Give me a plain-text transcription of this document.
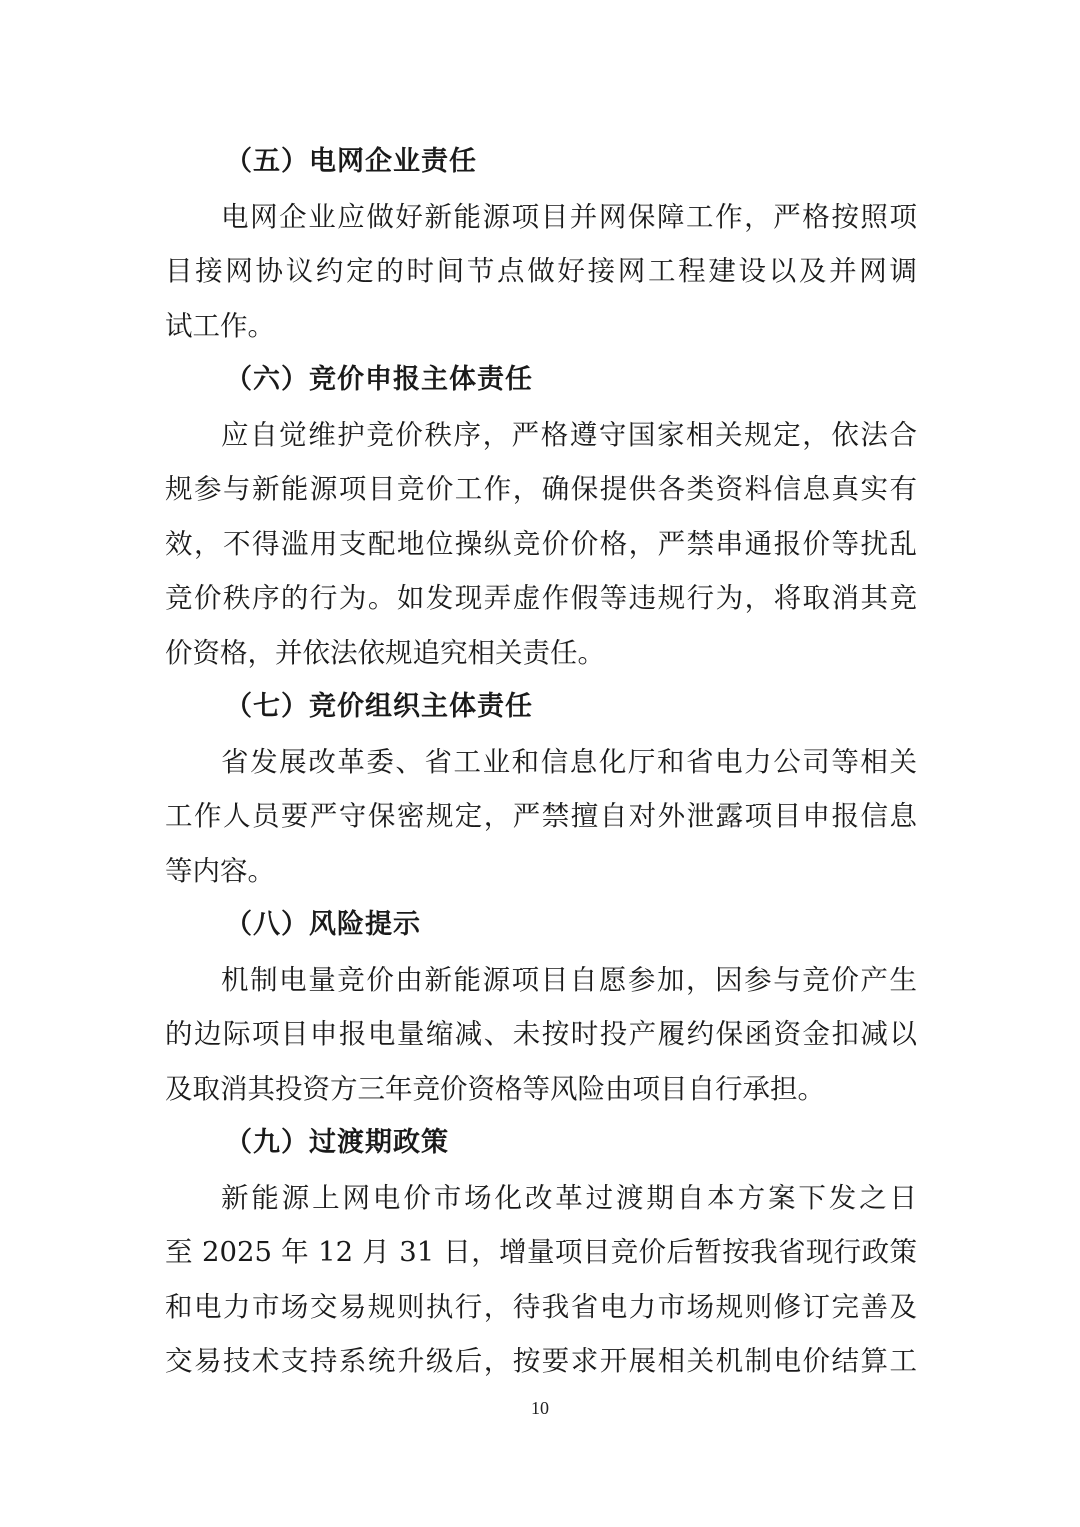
（五）电网企业责任

电网企业应做好新能源项目并网保障工作，严格按照项
目接网协议约定的时间节点做好接网工程建设以及并网调
试工作。

（六）竞价申报主体责任

应自觉维护竞价秩序，严格遵守国家相关规定，依法合
规参与新能源项目竞价工作，确保提供各类资料信息真实有
效，不得滥用支配地位操纵竞价价格，严禁串通报价等扰乱
竞价秩序的行为。如发现弄虚作假等违规行为，将取消其竞
价资格，并依法依规追究相关责任。

（七）竞价组织主体责任

省发展改革委、省工业和信息化厅和省电力公司等相关
工作人员要严守保密规定，严禁擅自对外泄露项目申报信息
等内容。

（八）风险提示

机制电量竞价由新能源项目自愿参加，因参与竞价产生
的边际项目申报电量缩减、未按时投产履约保函资金扣减以
及取消其投资方三年竞价资格等风险由项目自行承担。

（九）过渡期政策

新能源上网电价市场化改革过渡期自本方案下发之日
至 2025 年 12 月 31 日，增量项目竞价后暂按我省现行政策
和电力市场交易规则执行，待我省电力市场规则修订完善及
交易技术支持系统升级后，按要求开展相关机制电价结算工

10
